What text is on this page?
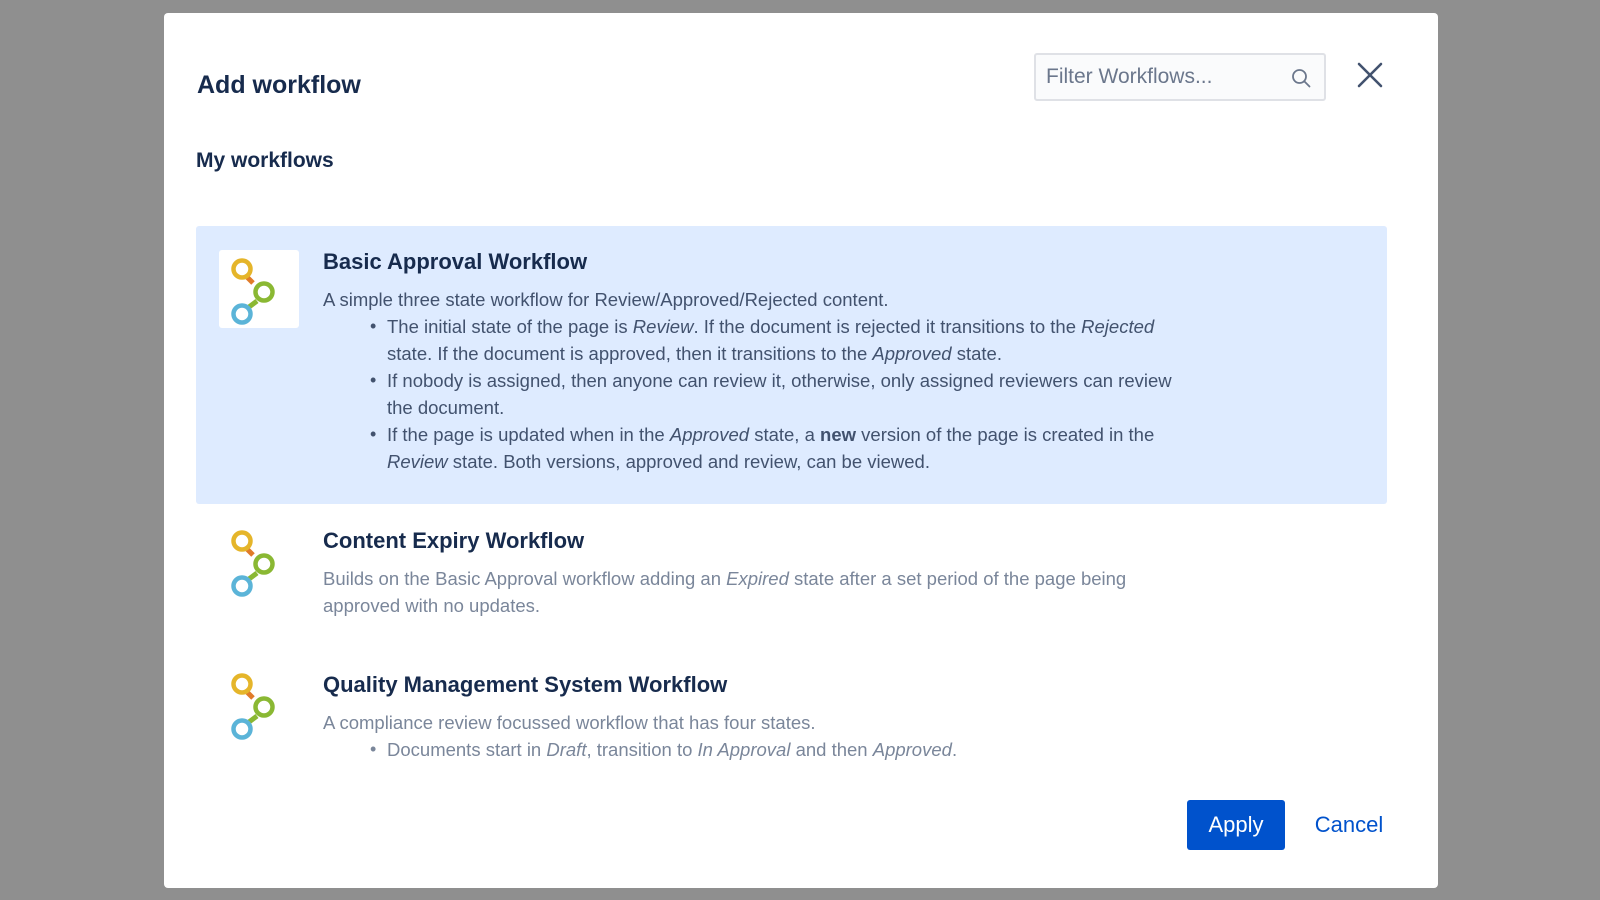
Add workflow
Filter Workflows...
My workflows
Basic Approval Workflow
A simple three state workflow for Review/Approved/Rejected content.
• The initial state of the page is Review. If the document is rejected it transitions to the Rejected state. If the document is approved, then it transitions to the Approved state.
• If nobody is assigned, then anyone can review it, otherwise, only assigned reviewers can review the document.
• If the page is updated when in the Approved state, a new version of the page is created in the Review state. Both versions, approved and review, can be viewed.
Content Expiry Workflow
Builds on the Basic Approval workflow adding an Expired state after a set period of the page being approved with no updates.
Quality Management System Workflow
A compliance review focussed workflow that has four states.
• Documents start in Draft, transition to In Approval and then Approved.
Apply	Cancel
